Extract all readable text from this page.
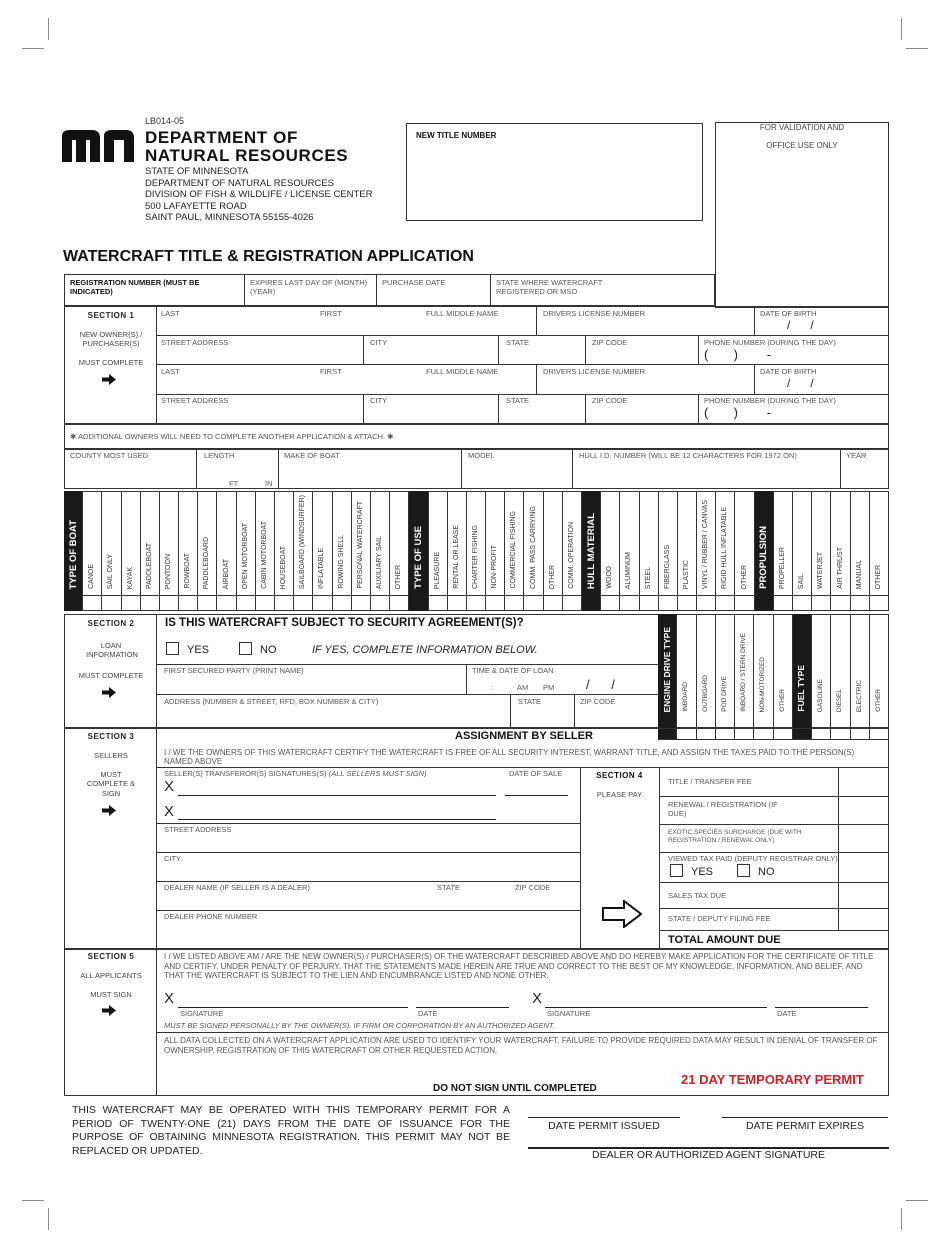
LB014-05
DEPARTMENT OF
NATURAL RESOURCES
STATE OF MINNESOTA
DEPARTMENT OF NATURAL RESOURCES
DIVISION OF FISH & WILDLIFE / LICENSE CENTER
500 LAFAYETTE ROAD
SAINT PAUL, MINNESOTA 55155-4026
NEW TITLE NUMBER
FOR VALIDATION AND
OFFICE USE ONLY
WATERCRAFT TITLE & REGISTRATION APPLICATION
REGISTRATION NUMBER (MUST BE INDICATED)
EXPIRES LAST DAY OF (MONTH) (YEAR)
PURCHASE DATE	STATE WHERE WATERCRAFT REGISTERED OR MSO
SECTION 1
NEW OWNER(S) / PURCHASER(S)
MUST COMPLETE
LAST	FIRST	FULL MIDDLE NAME	DRIVERS LICENSE NUMBER	DATE OF BIRTH
/      /
STREET ADDRESS	CITY	STATE	ZIP CODE	PHONE NUMBER (DURING THE DAY)
(       )        -
LAST	FIRST	FULL MIDDLE NAME	DRIVERS LICENSE NUMBER	DATE OF BIRTH
/      /
STREET ADDRESS	CITY	STATE	ZIP CODE	PHONE NUMBER (DURING THE DAY)
(       )        -
✱ ADDITIONAL OWNERS WILL NEED TO COMPLETE ANOTHER APPLICATION & ATTACH. ✱
COUNTY MOST USED	LENGTH
FT	IN
MAKE OF BOAT	MODEL	HULL I.D. NUMBER (WILL BE 12 CHARACTERS FOR 1972 ON)	YEAR
TYPE OF BOAT CANOE SAIL ONLY KAYAK PADDLEBOAT PONTOON ROWBOAT PADDLEBOARD AIRBOAT OPEN MOTORBOAT CABIN MOTORBOAT HOUSEBOAT SAILBOARD (WINDSURFER) INFLATABLE ROWING SHELL PERSONAL WATERCRAFT AUXILIARY SAIL OTHER TYPE OF USE PLEASURE RENTAL OR LEASE CHARTER FISHING NON-PROFIT COMMERCIAL FISHING COMM. PASS CARRYING OTHER COMM. OPERATION HULL MATERIAL WOOD ALUMINUM STEEL FIBERGLASS PLASTIC VINYL / RUBBER / CANVAS RIGID HULL INFLATABLE OTHER PROPULSION PROPELLER SAIL WATERJET AIR THRUST MANUAL OTHER
SECTION 2
LOAN INFORMATION
MUST COMPLETE
IS THIS WATERCRAFT SUBJECT TO SECURITY AGREEMENT(S)?
YES	NO	IF YES, COMPLETE INFORMATION BELOW.
FIRST SECURED PARTY (PRINT NAME)	TIME & DATE OF LOAN
:	AM PM /      /
ADDRESS (NUMBER & STREET, RFD, BOX NUMBER & CITY)	STATE	ZIP CODE	ENGINE DRIVE TYPE INBOARD OUTBOARD POD DRIVE INBOARD / STERN DRIVE NON-MOTORIZED OTHER FUEL TYPE GASOLINE DIESEL ELECTRIC OTHER
SECTION 3
SELLERS
MUST COMPLETE & SIGN
ASSIGNMENT BY SELLER
I / WE THE OWNERS OF THIS WATERCRAFT CERTIFY THE WATERCRAFT IS FREE OF ALL SECURITY INTEREST, WARRANT TITLE, AND ASSIGN THE TAXES PAID TO THE PERSON(S) NAMED ABOVE
SELLER(S) TRANSFEROR(S) SIGNATURES(S) (ALL SELLERS MUST SIGN)	DATE OF SALE
X
X
STREET ADDRESS
CITY
DEALER NAME (IF SELLER IS A DEALER)	STATE	ZIP CODE
DEALER PHONE NUMBER
SECTION 4
PLEASE PAY
TITLE / TRANSFER FEE
RENEWAL / REGISTRATION (IF DUE)
EXOTIC SPECIES SURCHARGE (DUE WITH REGISTRATION / RENEWAL ONLY)
VIEWED TAX PAID (DEPUTY REGISTRAR ONLY)
YES	NO
SALES TAX DUE
STATE / DEPUTY FILING FEE
TOTAL AMOUNT DUE
SECTION 5
ALL APPLICANTS
MUST SIGN
I / WE LISTED ABOVE AM / ARE THE NEW OWNER(S) / PURCHASER(S) OF THE WATERCRAFT DESCRIBED ABOVE AND DO HEREBY MAKE APPLICATION FOR THE CERTIFICATE OF TITLE AND CERTIFY, UNDER PENALTY OF PERJURY, THAT THE STATEMENTS MADE HEREIN ARE TRUE AND CORRECT TO THE BEST OF MY KNOWLEDGE, INFORMATION, AND BELIEF, AND THAT THE WATERCRAFT IS SUBJECT TO THE LIEN AND ENCUMBRANCE LISTED AND NONE OTHER.
X	X
SIGNATURE	DATE	SIGNATURE	DATE
MUST BE SIGNED PERSONALLY BY THE OWNER(S). IF FIRM OR CORPORATION BY AN AUTHORIZED AGENT.
ALL DATA COLLECTED ON A WATERCRAFT APPLICATION ARE USED TO IDENTIFY YOUR WATERCRAFT. FAILURE TO PROVIDE REQUIRED DATA MAY RESULT IN DENIAL OF TRANSFER OF OWNERSHIP, REGISTRATION OF THIS WATERCRAFT OR OTHER REQUESTED ACTION.
DO NOT SIGN UNTIL COMPLETED
21 DAY TEMPORARY PERMIT
THIS WATERCRAFT MAY BE OPERATED WITH THIS TEMPORARY PERMIT FOR A PERIOD OF TWENTY-ONE (21) DAYS FROM THE DATE OF ISSUANCE FOR THE PURPOSE OF OBTAINING MINNESOTA REGISTRATION. THIS PERMIT MAY NOT BE REPLACED OR UPDATED.
DATE PERMIT ISSUED	DATE PERMIT EXPIRES
DEALER OR AUTHORIZED AGENT SIGNATURE
